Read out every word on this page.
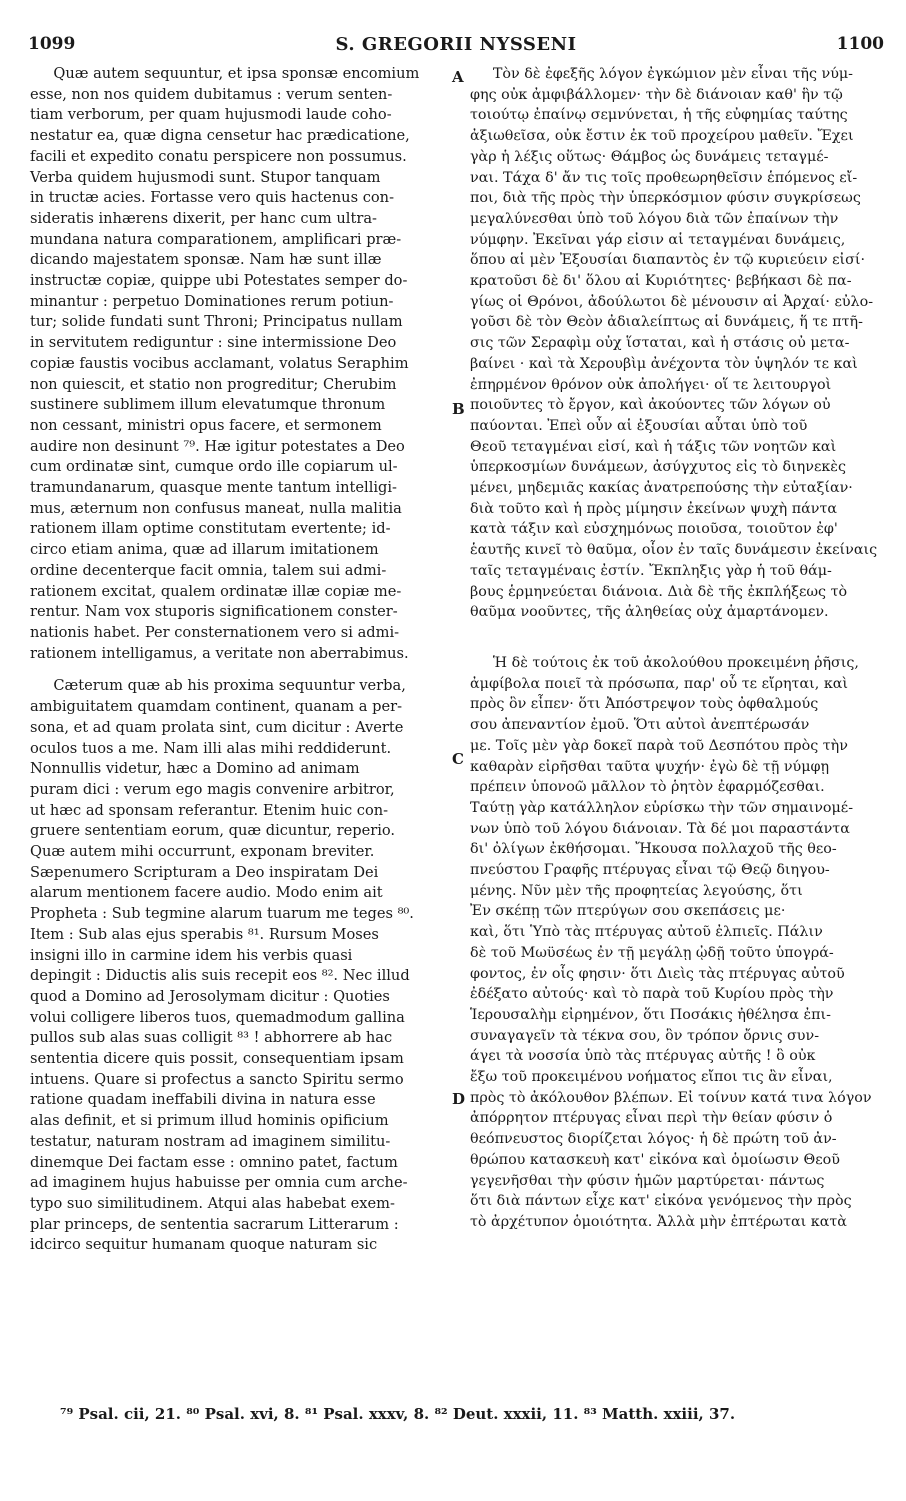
1099	S. GREGORII NYSSENI	1100

Quæ autem sequuntur, et ipsa sponsæ encomium

esse, non nos quidem dubitamus : verum senten-

tiam verborum, per quam hujusmodi laude coho-

nestatur ea, quæ digna censetur hac prædicatione,

facili et expedito conatu perspicere non possumus.

Verba quidem hujusmodi sunt. Stupor tanquam

in tructæ acies. Fortasse vero quis hactenus con-

sideratis inhærens dixerit, per hanc cum ultra-

mundana natura comparationem, amplificari præ-

dicando majestatem sponsæ. Nam hæ sunt illæ

instructæ copiæ, quippe ubi Potestates semper do-

minantur : perpetuo Dominationes rerum potiun-

tur; solide fundati sunt Throni; Principatus nullam

in servitutem rediguntur : sine intermissione Deo

copiæ faustis vocibus acclamant, volatus Seraphim

non quiescit, et statio non progreditur; Cherubim

sustinere sublimem illum elevatumque thronum

non cessant, ministri opus facere, et sermonem

audire non desinunt ⁷⁹. Hæ igitur potestates a Deo

cum ordinatæ sint, cumque ordo ille copiarum ul-

tramundanarum, quasque mente tantum intelligi-

mus, æternum non confusus maneat, nulla malitia

rationem illam optime constitutam evertente; id-

circo etiam anima, quæ ad illarum imitationem

ordine decenterque facit omnia, talem sui admi-

rationem excitat, qualem ordinatæ illæ copiæ me-

rentur. Nam vox stuporis significationem conster-

nationis habet. Per consternationem vero si admi-

rationem intelligamus, a veritate non aberrabimus.

Cæterum quæ ab his proxima sequuntur verba,

ambiguitatem quamdam continent, quanam a per-

sona, et ad quam prolata sint, cum dicitur : Averte

oculos tuos a me. Nam illi alas mihi reddiderunt.

Nonnullis videtur, hæc a Domino ad animam

puram dici : verum ego magis convenire arbitror,

ut hæc ad sponsam referantur. Etenim huic con-

gruere sententiam eorum, quæ dicuntur, reperio.

Quæ autem mihi occurrunt, exponam breviter.

Sæpenumero Scripturam a Deo inspiratam Dei

alarum mentionem facere audio. Modo enim ait

Propheta : Sub tegmine alarum tuarum me teges ⁸⁰.

Item : Sub alas ejus sperabis ⁸¹. Rursum Moses

insigni illo in carmine idem his verbis quasi

depingit : Diductis alis suis recepit eos ⁸². Nec illud

quod a Domino ad Jerosolymam dicitur : Quoties

volui colligere liberos tuos, quemadmodum gallina

pullos sub alas suas colligit ⁸³ ! abhorrere ab hac

sententia dicere quis possit, consequentiam ipsam

intuens. Quare si profectus a sancto Spiritu sermo

ratione quadam ineffabili divina in natura esse

alas definit, et si primum illud hominis opificium

testatur, naturam nostram ad imaginem similitu-

dinemque Dei factam esse : omnino patet, factum

ad imaginem hujus habuisse per omnia cum arche-

typo suo similitudinem. Atqui alas habebat exem-

plar princeps, de sententia sacrarum Litterarum :

idcirco sequitur humanam quoque naturam sic

Τὸν δὲ ἐφεξῆς λόγον ἐγκώμιον μὲν εἶναι τῆς νύμ-

φης οὐκ ἀμφιβάλλομεν· τὴν δὲ διάνοιαν καθ' ἣν τῷ

τοιούτῳ ἐπαίνῳ σεμνύνεται, ἡ τῆς εὐφημίας ταύτης

ἀξιωθεῖσα, οὐκ ἔστιν ἐκ τοῦ προχείρου μαθεῖν. Ἔχει

γὰρ ἡ λέξις οὕτως· Θάμβος ὡς δυνάμεις τεταγμέ-

ναι. Τάχα δ' ἄν τις τοῖς προθεωρηθεῖσιν ἑπόμενος εἴ-

ποι, διὰ τῆς πρὸς τὴν ὑπερκόσμιον φύσιν συγκρίσεως

μεγαλύνεσθαι ὑπὸ τοῦ λόγου διὰ τῶν ἐπαίνων τὴν

νύμφην. Ἐκεῖναι γάρ εἰσιν αἱ τεταγμέναι δυνάμεις,

ὅπου αἱ μὲν Ἐξουσίαι διαπαντὸς ἐν τῷ κυριεύειν εἰσί·

κρατοῦσι δὲ δι' ὅλου αἱ Κυριότητες· βεβήκασι δὲ πα-

γίως οἱ Θρόνοι, ἀδούλωτοι δὲ μένουσιν αἱ Ἀρχαί· εὐλο-

γοῦσι δὲ τὸν Θεὸν ἀδιαλείπτως αἱ δυνάμεις, ἥ τε πτῆ-

σις τῶν Σεραφὶμ οὐχ ἵσταται, καὶ ἡ στάσις οὐ μετα-

βαίνει · καὶ τὰ Χερουβὶμ ἀνέχοντα τὸν ὑψηλόν τε καὶ

ἐπηρμένον θρόνον οὐκ ἀπολήγει· οἵ τε λειτουργοὶ

ποιοῦντες τὸ ἔργον, καὶ ἀκούοντες τῶν λόγων οὐ

παύονται. Ἐπεὶ οὖν αἱ ἐξουσίαι αὗται ὑπὸ τοῦ

Θεοῦ τεταγμέναι εἰσί, καὶ ἡ τάξις τῶν νοητῶν καὶ

ὑπερκοσμίων δυνάμεων, ἀσύγχυτος εἰς τὸ διηνεκὲς

μένει, μηδεμιᾶς κακίας ἀνατρεπούσης τὴν εὐταξίαν·

διὰ τοῦτο καὶ ἡ πρὸς μίμησιν ἐκείνων ψυχὴ πάντα

κατὰ τάξιν καὶ εὐσχημόνως ποιοῦσα, τοιοῦτον ἐφ'

ἑαυτῆς κινεῖ τὸ θαῦμα, οἷον ἐν ταῖς δυνάμεσιν ἐκείναις

ταῖς τεταγμέναις ἐστίν. Ἔκπληξις γὰρ ἡ τοῦ θάμ-

βους ἑρμηνεύεται διάνοια. Διὰ δὲ τῆς ἐκπλήξεως τὸ

θαῦμα νοοῦντες, τῆς ἀληθείας οὐχ ἁμαρτάνομεν.

Ἡ δὲ τούτοις ἐκ τοῦ ἀκολούθου προκειμένη ῥῆσις,

ἀμφίβολα ποιεῖ τὰ πρόσωπα, παρ' οὗ τε εἴρηται, καὶ

πρὸς ὃν εἶπεν· ὅτι Ἀπόστρεψον τοὺς ὀφθαλμούς

σου ἀπεναντίον ἐμοῦ. Ὅτι αὐτοὶ ἀνεπτέρωσάν

με. Τοῖς μὲν γὰρ δοκεῖ παρὰ τοῦ Δεσπότου πρὸς τὴν

καθαρὰν εἰρῆσθαι ταῦτα ψυχήν· ἐγὼ δὲ τῇ νύμφῃ

πρέπειν ὑπονοῶ μᾶλλον τὸ ῥητὸν ἐφαρμόζεσθαι.

Ταύτῃ γὰρ κατάλληλον εὑρίσκω τὴν τῶν σημαινομέ-

νων ὑπὸ τοῦ λόγου διάνοιαν. Τὰ δέ μοι παραστάντα

δι' ὀλίγων ἐκθήσομαι. Ἤκουσα πολλαχοῦ τῆς θεο-

πνεύστου Γραφῆς πτέρυγας εἶναι τῷ Θεῷ διηγου-

μένης. Νῦν μὲν τῆς προφητείας λεγούσης, ὅτι

Ἐν σκέπῃ τῶν πτερύγων σου σκεπάσεις με·

καὶ, ὅτι Ὑπὸ τὰς πτέρυγας αὐτοῦ ἐλπιεῖς. Πάλιν

δὲ τοῦ Μωϋσέως ἐν τῇ μεγάλῃ ᾠδῇ τοῦτο ὑπογρά-

φοντος, ἐν οἷς φησιν· ὅτι Διεὶς τὰς πτέρυγας αὐτοῦ

ἐδέξατο αὐτούς· καὶ τὸ παρὰ τοῦ Κυρίου πρὸς τὴν

Ἱερουσαλὴμ εἰρημένον, ὅτι Ποσάκις ἠθέλησα ἐπι-

συναγαγεῖν τὰ τέκνα σου, ὃν τρόπον ὄρνις συν-

άγει τὰ νοσσία ὑπὸ τὰς πτέρυγας αὐτῆς ! ὃ οὐκ

ἔξω τοῦ προκειμένου νοήματος εἴποι τις ἂν εἶναι,

πρὸς τὸ ἀκόλουθον βλέπων. Εἰ τοίνυν κατά τινα λόγον

ἀπόρρητον πτέρυγας εἶναι περὶ τὴν θείαν φύσιν ὁ

θεόπνευστος διορίζεται λόγος· ἡ δὲ πρώτη τοῦ ἀν-

θρώπου κατασκευὴ κατ' εἰκόνα καὶ ὁμοίωσιν Θεοῦ

γεγενῆσθαι τὴν φύσιν ἡμῶν μαρτύρεται· πάντως

ὅτι διὰ πάντων εἶχε κατ' εἰκόνα γενόμενος τὴν πρὸς

τὸ ἀρχέτυπον ὁμοιότητα. Ἀλλὰ μὴν ἐπτέρωται κατὰ

A
B
C
D
⁷⁹ Psal. cii, 21. ⁸⁰ Psal. xvi, 8. ⁸¹ Psal. xxxv, 8. ⁸² Deut. xxxii, 11. ⁸³ Matth. xxiii, 37.
